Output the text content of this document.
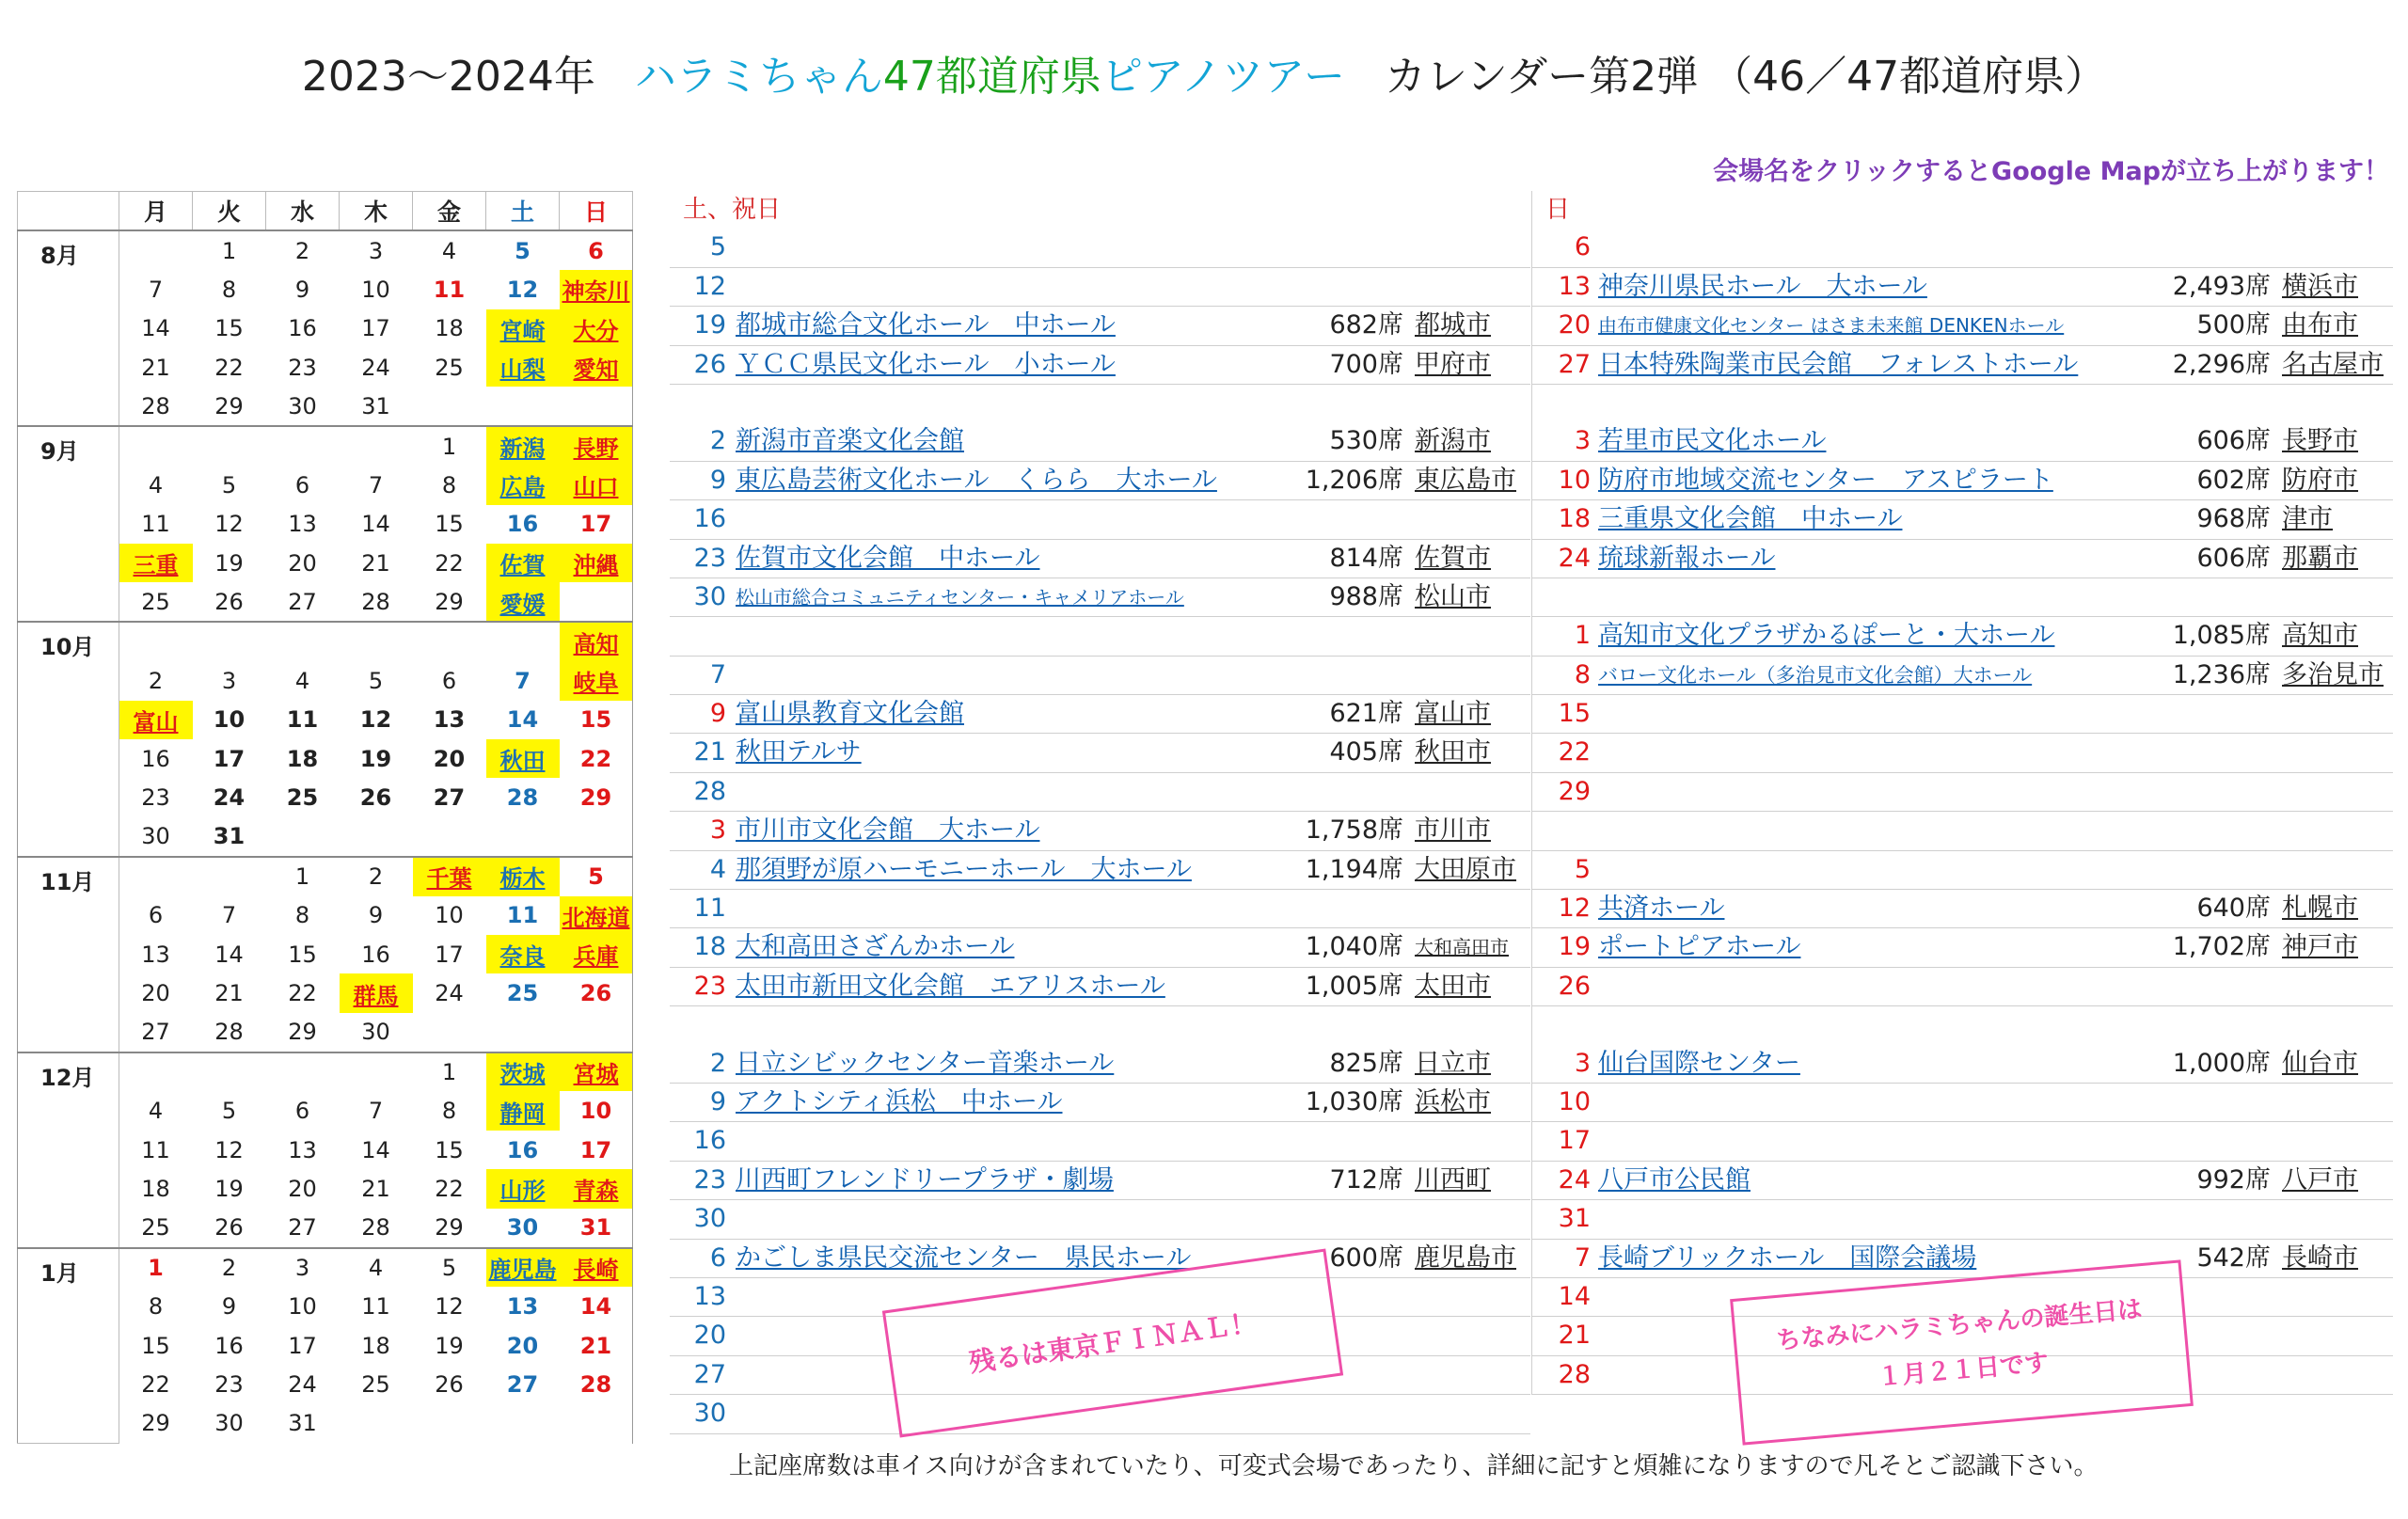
2023～2024年 ハラミちゃん47都道府県ピアノツアー カレンダー第2弾 （46／47都道府県）
会場名をクリックするとGoogle Mapが立ち上がります！
	月	火	水	木	金	土	日
8月		1	2	3	4	5	6
	7	8	9	10	11	12	神奈川
	14	15	16	17	18	宮崎	大分
	21	22	23	24	25	山梨	愛知
	28	29	30	31			
9月					1	新潟	長野
	4	5	6	7	8	広島	山口
	11	12	13	14	15	16	17
	三重	19	20	21	22	佐賀	沖縄
	25	26	27	28	29	愛媛	
10月							高知
	2	3	4	5	6	7	岐阜
	富山	10	11	12	13	14	15
	16	17	18	19	20	秋田	22
	23	24	25	26	27	28	29
	30	31					
11月			1	2	千葉	栃木	5
	6	7	8	9	10	11	北海道
	13	14	15	16	17	奈良	兵庫
	20	21	22	群馬	24	25	26
	27	28	29	30			
12月					1	茨城	宮城
	4	5	6	7	8	静岡	10
	11	12	13	14	15	16	17
	18	19	20	21	22	山形	青森
	25	26	27	28	29	30	31
1月	1	2	3	4	5	鹿児島	長崎
	8	9	10	11	12	13	14
	15	16	17	18	19	20	21
	22	23	24	25	26	27	28
	29	30	31				
土、祝日
5
12
19 都城市総合文化ホール　中ホール	682席 都城市
26 ＹＣＣ県民文化ホール　小ホール	700席 甲府市
2 新潟市音楽文化会館	530席 新潟市
9 東広島芸術文化ホール　くらら　大ホール	1,206席 東広島市
16
23 佐賀市文化会館　中ホール	814席 佐賀市
30 松山市総合コミュニティセンター・キャメリアホール	988席 松山市
7
9 富山県教育文化会館	621席 富山市
21 秋田テルサ	405席 秋田市
28
3 市川市文化会館　大ホール	1,758席 市川市
4 那須野が原ハーモニーホール　大ホール	1,194席 大田原市
11
18 大和高田さざんかホール	1,040席 大和高田市
23 太田市新田文化会館　エアリスホール	1,005席 太田市
2 日立シビックセンター音楽ホール	825席 日立市
9 アクトシティ浜松　中ホール	1,030席 浜松市
16
23 川西町フレンドリープラザ・劇場	712席 川西町
30
6 かごしま県民交流センター　県民ホール	600席 鹿児島市
13
20
27
30
日
6
13 神奈川県民ホール　大ホール	2,493席 横浜市
20 由布市健康文化センター はさま未来館 DENKENホール	500席 由布市
27 日本特殊陶業市民会館　フォレストホール	2,296席 名古屋市
3 若里市民文化ホール	606席 長野市
10 防府市地域交流センター　アスピラート	602席 防府市
18 三重県文化会館　中ホール	968席 津市
24 琉球新報ホール	606席 那覇市
1 高知市文化プラザかるぽーと・大ホール	1,085席 高知市
8 バロー文化ホール（多治見市文化会館）大ホール	1,236席 多治見市
15
22
29
5
12 共済ホール	640席 札幌市
19 ポートピアホール	1,702席 神戸市
26
3 仙台国際センター	1,000席 仙台市
10
17
24 八戸市公民館	992席 八戸市
31
7 長崎ブリックホール　国際会議場	542席 長崎市
14
21
28
残るは東京ＦＩＮＡＬ！	ちなみにハラミちゃんの誕生日は
１月２１日です
上記座席数は車イス向けが含まれていたり、可変式会場であったり、詳細に記すと煩雑になりますので凡そとご認識下さい。
